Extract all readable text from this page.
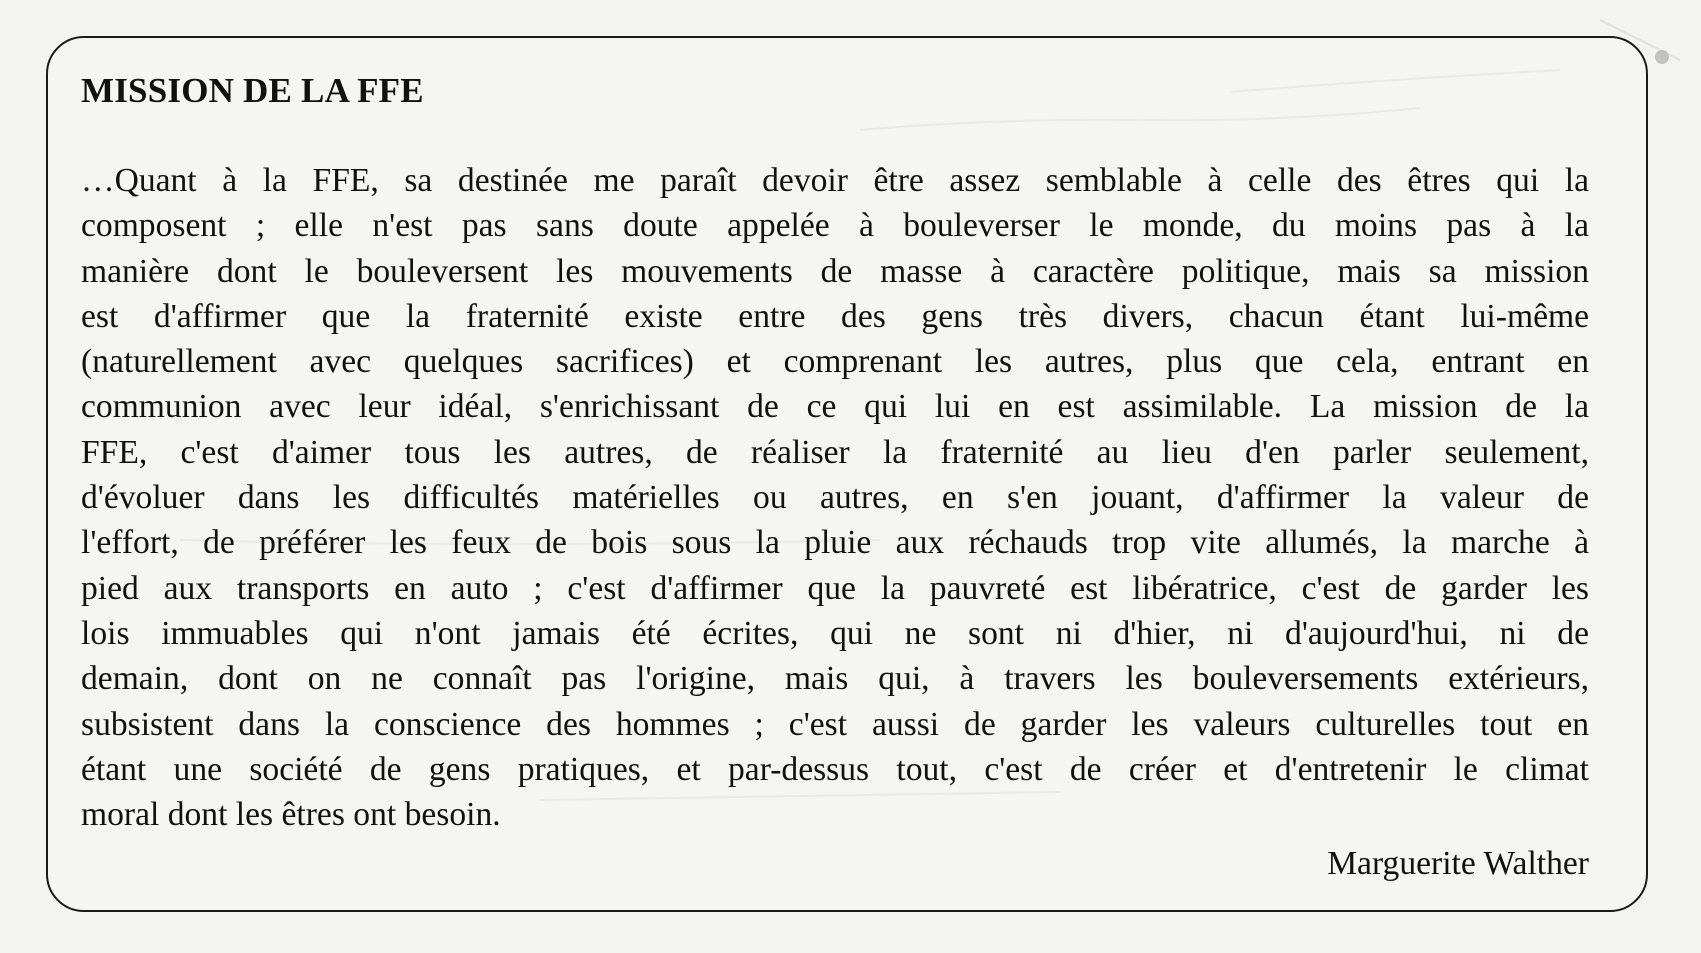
MISSION DE LA FFE
…Quant à la FFE, sa destinée me paraît devoir être assez semblable à celle des êtres qui la
composent ; elle n'est pas sans doute appelée à bouleverser le monde, du moins pas à la
manière dont le bouleversent les mouvements de masse à caractère politique, mais sa mission
est d'affirmer que la fraternité existe entre des gens très divers, chacun étant lui-même
(naturellement avec quelques sacrifices) et comprenant les autres, plus que cela, entrant en
communion avec leur idéal, s'enrichissant de ce qui lui en est assimilable. La mission de la
FFE, c'est d'aimer tous les autres, de réaliser la fraternité au lieu d'en parler seulement,
d'évoluer dans les difficultés matérielles ou autres, en s'en jouant, d'affirmer la valeur de
l'effort, de préférer les feux de bois sous la pluie aux réchauds trop vite allumés, la marche à
pied aux transports en auto ; c'est d'affirmer que la pauvreté est libératrice, c'est de garder les
lois immuables qui n'ont jamais été écrites, qui ne sont ni d'hier, ni d'aujourd'hui, ni de
demain, dont on ne connaît pas l'origine, mais qui, à travers les bouleversements extérieurs,
subsistent dans la conscience des hommes ; c'est aussi de garder les valeurs culturelles tout en
étant une société de gens pratiques, et par-dessus tout, c'est de créer et d'entretenir le climat
moral dont les êtres ont besoin.

Marguerite Walther
